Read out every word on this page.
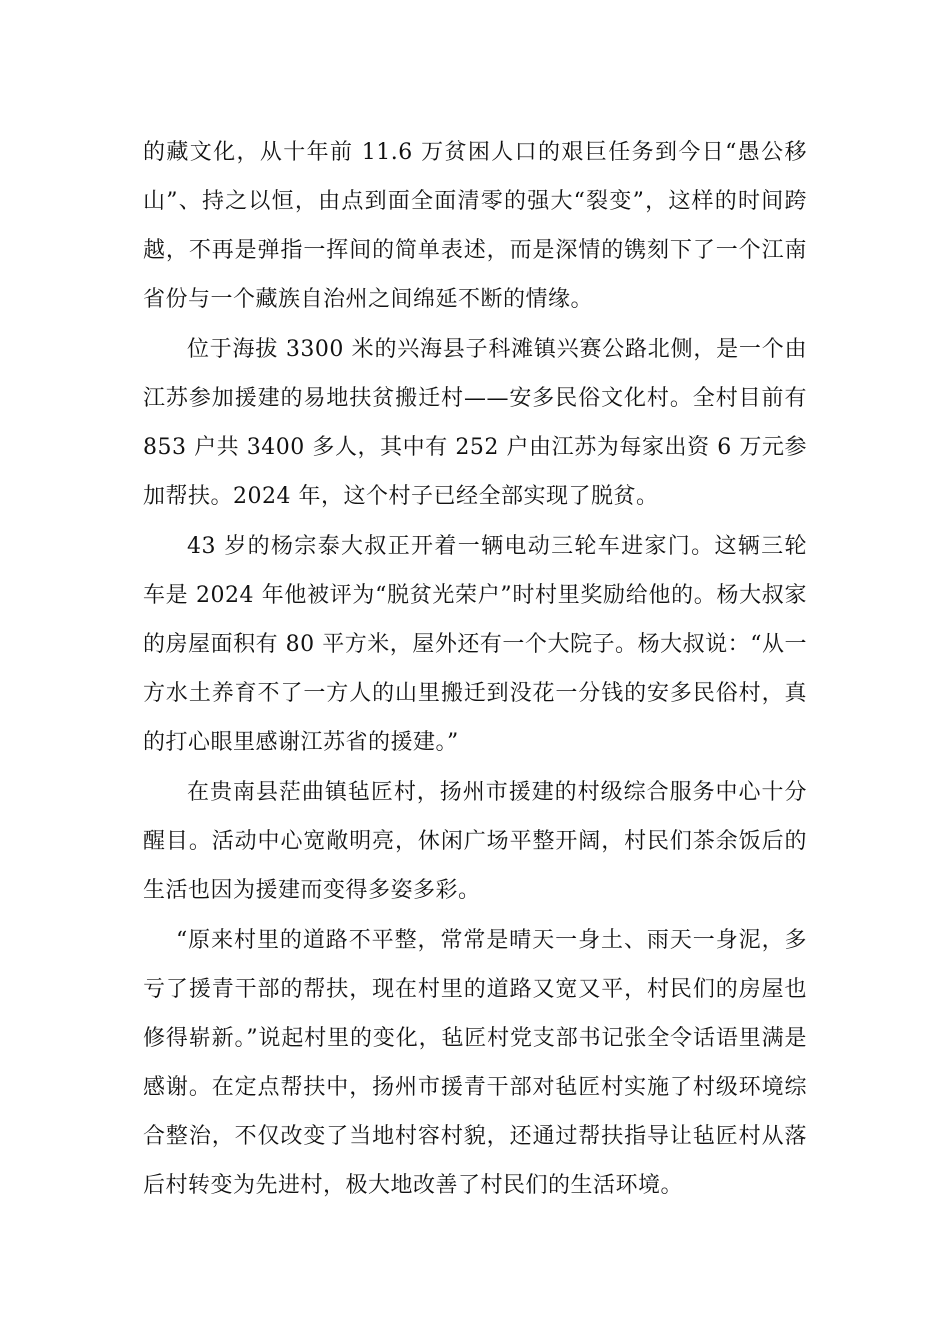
的藏文化，从十年前 11.6 万贫困人口的艰巨任务到今日“愚公移山”、持之以恒，由点到面全面清零的强大“裂变”，这样的时间跨越，不再是弹指一挥间的简单表述，而是深情的镌刻下了一个江南省份与一个藏族自治州之间绵延不断的情缘。

位于海拔 3300 米的兴海县子科滩镇兴赛公路北侧，是一个由江苏参加援建的易地扶贫搬迁村——安多民俗文化村。全村目前有853 户共 3400 多人，其中有 252 户由江苏为每家出资 6 万元参加帮扶。2024 年，这个村子已经全部实现了脱贫。

43 岁的杨宗泰大叔正开着一辆电动三轮车进家门。这辆三轮车是 2024 年他被评为“脱贫光荣户”时村里奖励给他的。杨大叔家的房屋面积有 80 平方米，屋外还有一个大院子。杨大叔说：“从一方水土养育不了一方人的山里搬迁到没花一分钱的安多民俗村，真的打心眼里感谢江苏省的援建。”

在贵南县茫曲镇毡匠村，扬州市援建的村级综合服务中心十分醒目。活动中心宽敞明亮，休闲广场平整开阔，村民们茶余饭后的生活也因为援建而变得多姿多彩。

“原来村里的道路不平整，常常是晴天一身土、雨天一身泥，多亏了援青干部的帮扶，现在村里的道路又宽又平，村民们的房屋也修得崭新。”说起村里的变化，毡匠村党支部书记张全令话语里满是感谢。在定点帮扶中，扬州市援青干部对毡匠村实施了村级环境综合整治，不仅改变了当地村容村貌，还通过帮扶指导让毡匠村从落后村转变为先进村，极大地改善了村民们的生活环境。
